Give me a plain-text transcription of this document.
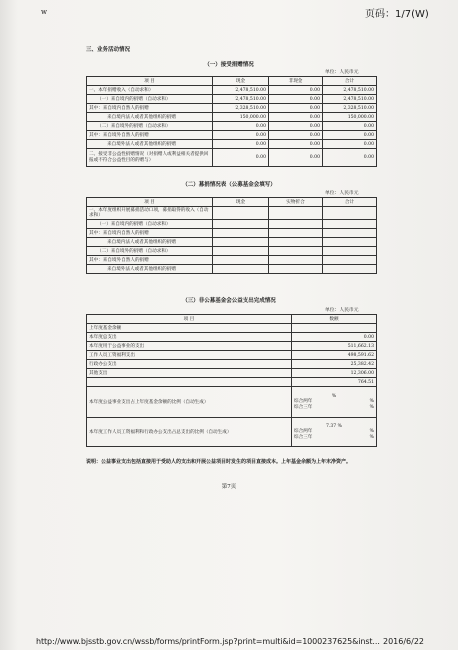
w	页码：1/7(W)
三、业务活动情况
（一）接受捐赠情况
单位：人民币元
项 目	现金	非现金	合计
一、本年捐赠收入（自动求和）	2,478,510.00	0.00	2,478,510.00
（一）来自境内的捐赠（自动求和）	2,478,510.00	0.00	2,478,510.00
其中：来自境内自然人的捐赠	2,328,510.00	0.00	2,328,510.00
来自境内法人或者其他组织的捐赠	150,000.00	0.00	150,000.00
（二）来自境外的捐赠（自动求和）	0.00	0.00	0.00
其中：来自境外自然人的捐赠	0.00	0.00	0.00
来自境外法人或者其他组织的捐赠	0.00	0.00	0.00
二、接受非公益性捐赠情况（对捐赠人或利益相关者提供回报或不符合公益性目的的赠与）	0.00	0.00	0.00
（二）募捐情况表（公募基金会填写）
单位：人民币元
项 目	现金	实物折合	合计
一、本年度组织开展募捐活动口项，募捐取得的收入（自动求和）			
（一）来自境内的捐赠（自动求和）			
其中：来自境内自然人的捐赠			
来自境内法人或者其他组织的捐赠			
（二）来自境外的捐赠（自动求和）			
其中：来自境外自然人的捐赠			
来自境外法人或者其他组织的捐赠			
（三）非公募基金会公益支出完成情况
单位：人民币元
项 目	数额
上年度基金余额	
本年度总支出	0.00
本年度用于公益事业的支出	511,662.13
工作人员工资福利支出	498,591.62
行政办公支出	25,382.42
其他支出	12,306.00
	764.51
本年度公益事业支出占上年度基金余额的比例（自动生成）	%
综合两年 %
综合三年 %

本年度工作人员工资福利和行政办公支出占总支出的比例（自动生成）	7.37 %
综合两年 %
综合三年 %
说明：公益事业支出包括直接用于受助人的支出和开展公益项目时发生的项目直接成本。上年基金余额为上年末净资产。
第7页
http://www.bjsstb.gov.cn/wssb/forms/printForm.jsp?print=multi&id=1000237625&inst... 2016/6/22
